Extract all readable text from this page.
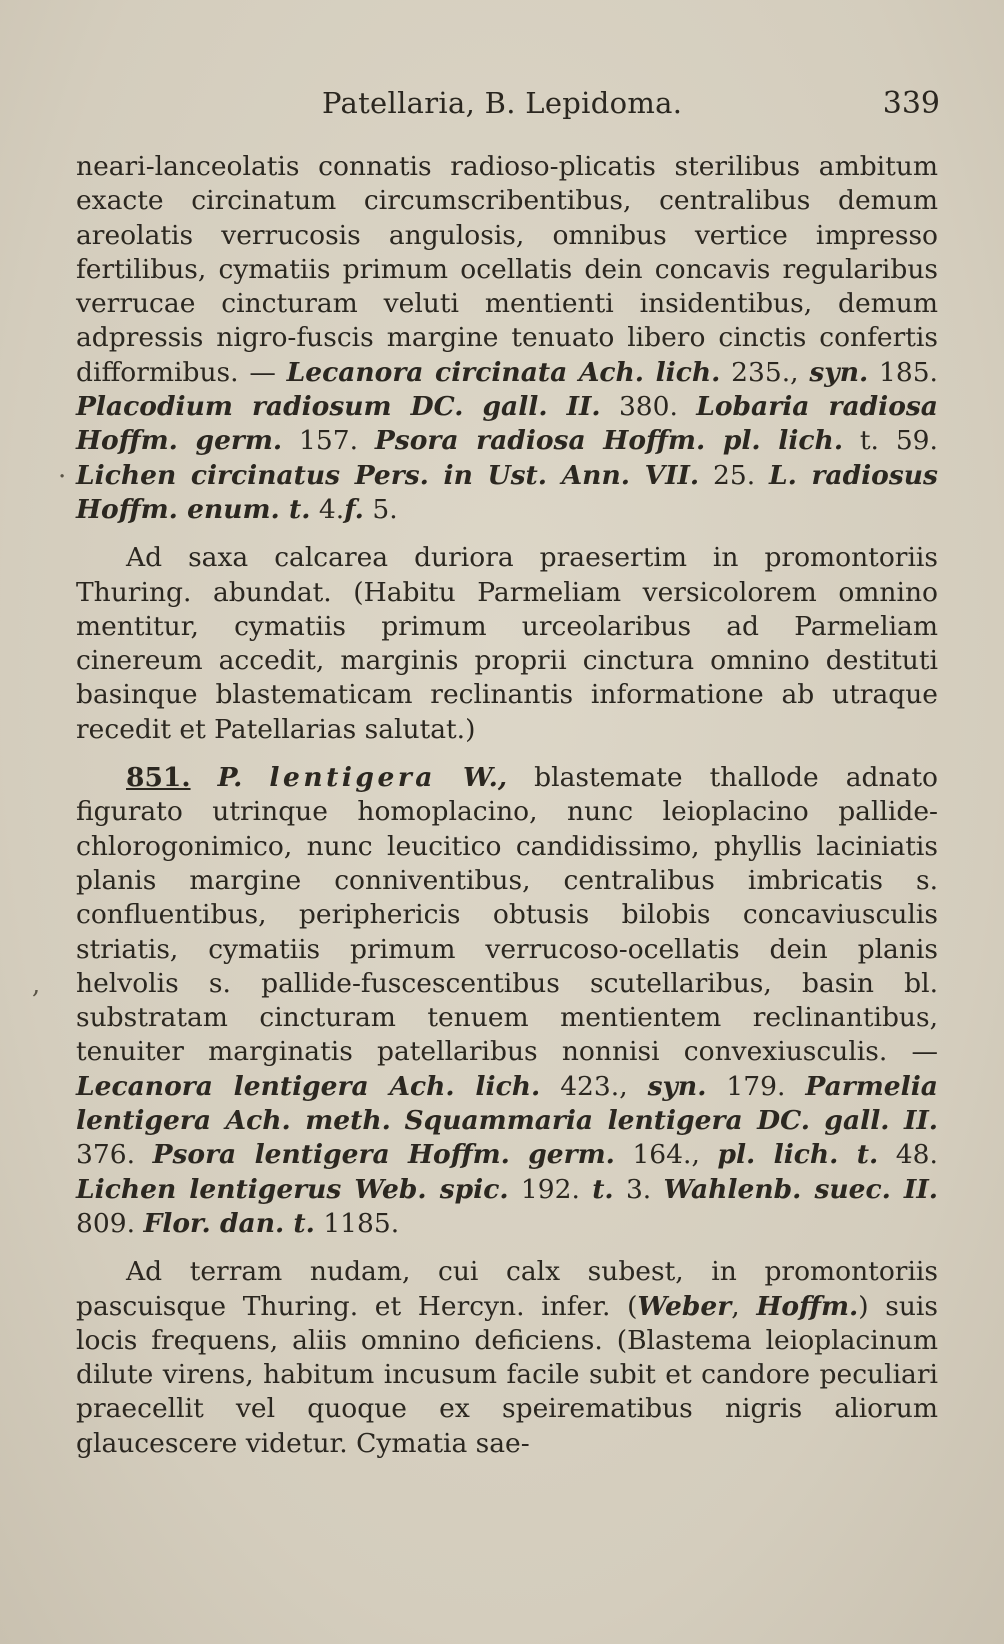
Patellaria, B. Lepidoma.	339
·
,

neari-lanceolatis connatis radioso-plicatis sterilibus ambitum exacte circinatum circumscribentibus, centralibus demum areolatis verrucosis angulosis, omnibus vertice impresso fertilibus, cymatiis primum ocellatis dein concavis regularibus verrucae cincturam veluti mentienti insidentibus, demum adpressis nigro-fuscis margine tenuato libero cinctis confertis difformibus. — Lecanora circinata Ach. lich. 235., syn. 185. Placodium radiosum DC. gall. II. 380. Lobaria radiosa Hoffm. germ. 157. Psora radiosa Hoffm. pl. lich. t. 59. Lichen circinatus Pers. in Ust. Ann. VII. 25. L. radiosus Hoffm. enum. t. 4.f. 5.

Ad saxa calcarea duriora praesertim in promontoriis Thuring. abundat. (Habitu Parmeliam versicolorem omnino mentitur, cymatiis primum urceolaribus ad Parmeliam cinereum accedit, marginis proprii cinctura omnino destituti basinque blastematicam reclinantis informatione ab utraque recedit et Patellarias salutat.)

851. P. lentigera W., blastemate thallode adnato figurato utrinque homoplacino, nunc leioplacino pallide-chlorogonimico, nunc leucitico candidissimo, phyllis laciniatis planis margine conniventibus, centralibus imbricatis s. confluentibus, periphericis obtusis bilobis concaviusculis striatis, cymatiis primum verrucoso-ocellatis dein planis helvolis s. pallide-fuscescentibus scutellaribus, basin bl. substratam cincturam tenuem mentientem reclinantibus, tenuiter marginatis patellaribus nonnisi convexiusculis. — Lecanora lentigera Ach. lich. 423., syn. 179. Parmelia lentigera Ach. meth. Squammaria lentigera DC. gall. II. 376. Psora lentigera Hoffm. germ. 164., pl. lich. t. 48. Lichen lentigerus Web. spic. 192. t. 3. Wahlenb. suec. II. 809. Flor. dan. t. 1185.

Ad terram nudam, cui calx subest, in promontoriis pascuisque Thuring. et Hercyn. infer. (Weber, Hoffm.) suis locis frequens, aliis omnino deficiens. (Blastema leioplacinum dilute virens, habitum incusum facile subit et candore peculiari praecellit vel quoque ex speirematibus nigris aliorum glaucescere videtur. Cymatia sae-
